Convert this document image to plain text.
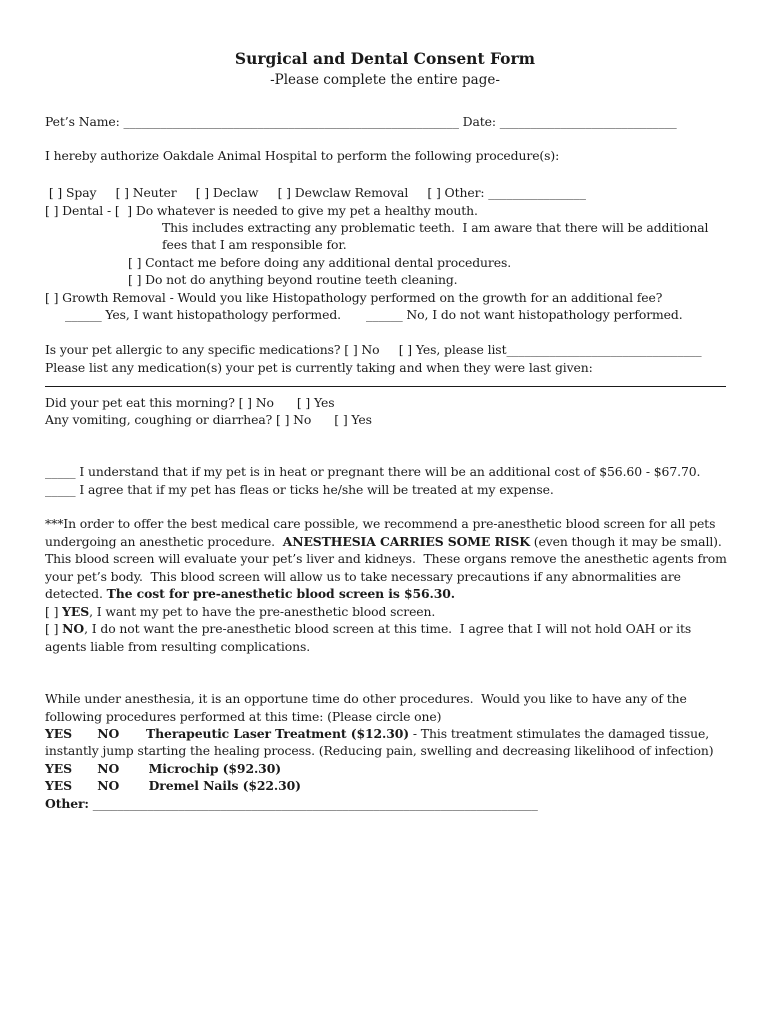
Surgical and Dental Consent Form
-Please complete the entire page-
Pet’s Name: _______________________________________________________ Date: _____________________________
I hereby authorize Oakdale Animal Hospital to perform the following procedure(s):
[ ] Spay     [ ] Neuter     [ ] Declaw     [ ] Dewclaw Removal     [ ] Other: ________________
[ ] Dental - [  ] Do whatever is needed to give my pet a healthy mouth.
This includes extracting any problematic teeth.  I am aware that there will be additional
fees that I am responsible for.
[ ] Contact me before doing any additional dental procedures.
[ ] Do not do anything beyond routine teeth cleaning.
[ ] Growth Removal - Would you like Histopathology performed on the growth for an additional fee?
______ Yes, I want histopathology performed. ______ No, I do not want histopathology performed.
Is your pet allergic to any specific medications? [ ] No     [ ] Yes, please list________________________________
Please list any medication(s) your pet is currently taking and when they were last given:
Did your pet eat this morning? [ ] No      [ ] Yes
Any vomiting, coughing or diarrhea? [ ] No      [ ] Yes
_____ I understand that if my pet is in heat or pregnant there will be an additional cost of $56.60 - $67.70.
_____ I agree that if my pet has fleas or ticks he/she will be treated at my expense.
***In order to offer the best medical care possible, we recommend a pre-anesthetic blood screen for all pets
undergoing an anesthetic procedure.  ANESTHESIA CARRIES SOME RISK (even though it may be small).
This blood screen will evaluate your pet’s liver and kidneys.  These organs remove the anesthetic agents from
your pet’s body.  This blood screen will allow us to take necessary precautions if any abnormalities are
detected. The cost for pre-anesthetic blood screen is $56.30.
[ ] YES, I want my pet to have the pre-anesthetic blood screen.
[ ] NO, I do not want the pre-anesthetic blood screen at this time.  I agree that I will not hold OAH or its
agents liable from resulting complications.
While under anesthesia, it is an opportune time do other procedures.  Would you like to have any of the
following procedures performed at this time: (Please circle one)
YES      NO Therapeutic Laser Treatment ($12.30) - This treatment stimulates the damaged tissue,
instantly jump starting the healing process. (Reducing pain, swelling and decreasing likelihood of infection)
YES      NO       Microchip ($92.30)
YES      NO       Dremel Nails ($22.30)
Other: _________________________________________________________________________
